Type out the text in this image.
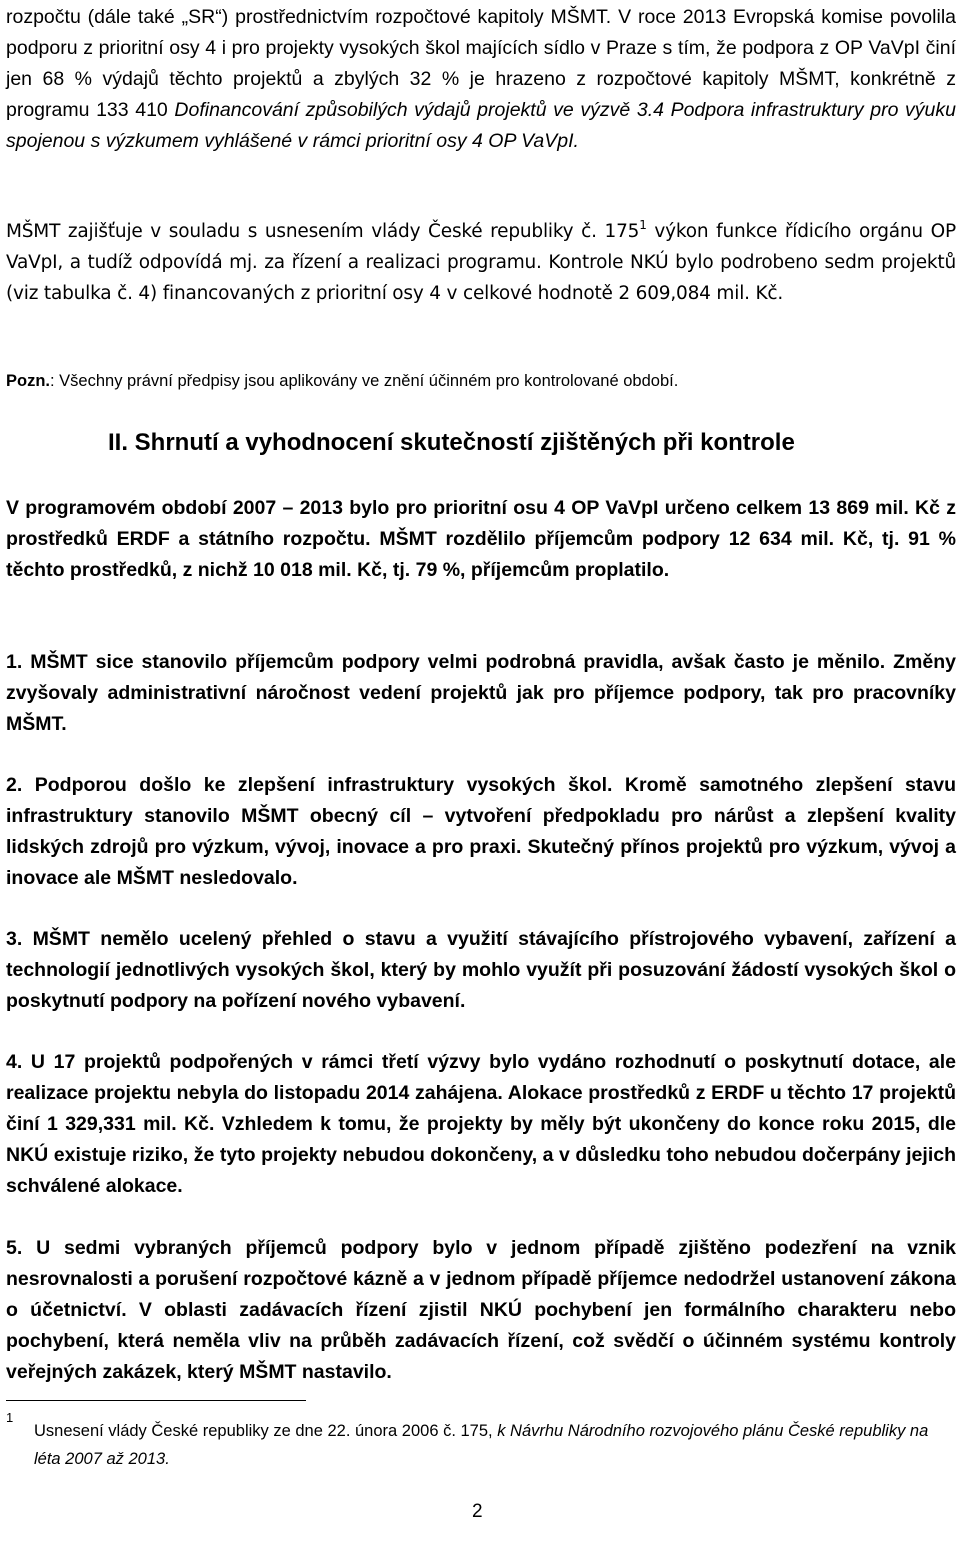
rozpočtu (dále také „SR“) prostřednictvím rozpočtové kapitoly MŠMT. V roce 2013 Evropská komise povolila podporu z prioritní osy 4 i pro projekty vysokých škol majících sídlo v Praze s tím, že podpora z OP VaVpI činí jen 68 % výdajů těchto projektů a zbylých 32 % je hrazeno z rozpočtové kapitoly MŠMT, konkrétně z programu 133 410 Dofinancování způsobilých výdajů projektů ve výzvě 3.4 Podpora infrastruktury pro výuku spojenou s výzkumem vyhlášené v rámci prioritní osy 4 OP VaVpI.

MŠMT zajišťuje v souladu s usnesením vlády České republiky č. $175^1$ výkon funkce řídicího orgánu OP VaVpI, a tudíž odpovídá mj. za řízení a realizaci programu. Kontrole NKÚ bylo podrobeno sedm projektů (viz tabulka č. 4) financovaných z prioritní osy 4 v celkové hodnotě 2 609,084 mil. Kč.

Pozn.: Všechny právní předpisy jsou aplikovány ve znění účinném pro kontrolované období.

II. Shrnutí a vyhodnocení skutečností zjištěných při kontrole

V programovém období 2007 – 2013 bylo pro prioritní osu 4 OP VaVpI určeno celkem 13 869 mil. Kč z prostředků ERDF a státního rozpočtu. MŠMT rozdělilo příjemcům podpory 12 634 mil. Kč, tj. 91 % těchto prostředků, z nichž 10 018 mil. Kč, tj. 79 %, příjemcům proplatilo.

1. MŠMT sice stanovilo příjemcům podpory velmi podrobná pravidla, avšak často je měnilo. Změny zvyšovaly administrativní náročnost vedení projektů jak pro příjemce podpory, tak pro pracovníky MŠMT.

2. Podporou došlo ke zlepšení infrastruktury vysokých škol. Kromě samotného zlepšení stavu infrastruktury stanovilo MŠMT obecný cíl – vytvoření předpokladu pro nárůst a zlepšení kvality lidských zdrojů pro výzkum, vývoj, inovace a pro praxi. Skutečný přínos projektů pro výzkum, vývoj a inovace ale MŠMT nesledovalo.

3. MŠMT nemělo ucelený přehled o stavu a využití stávajícího přístrojového vybavení, zařízení a technologií jednotlivých vysokých škol, který by mohlo využít při posuzování žádostí vysokých škol o poskytnutí podpory na pořízení nového vybavení.

4. U 17 projektů podpořených v rámci třetí výzvy bylo vydáno rozhodnutí o poskytnutí dotace, ale realizace projektu nebyla do listopadu 2014 zahájena. Alokace prostředků z ERDF u těchto 17 projektů činí 1 329,331 mil. Kč. Vzhledem k tomu, že projekty by měly být ukončeny do konce roku 2015, dle NKÚ existuje riziko, že tyto projekty nebudou dokončeny, a v důsledku toho nebudou dočerpány jejich schválené alokace.

5. U sedmi vybraných příjemců podpory bylo v jednom případě zjištěno podezření na vznik nesrovnalosti a porušení rozpočtové kázně a v jednom případě příjemce nedodržel ustanovení zákona o účetnictví. V oblasti zadávacích řízení zjistil NKÚ pochybení jen formálního charakteru nebo pochybení, která neměla vliv na průběh zadávacích řízení, což svědčí o účinném systému kontroly veřejných zakázek, který MŠMT nastavilo.

1

Usnesení vlády České republiky ze dne 22. února 2006 č. 175, k Návrhu Národního rozvojového plánu České republiky na léta 2007 až 2013.

2
